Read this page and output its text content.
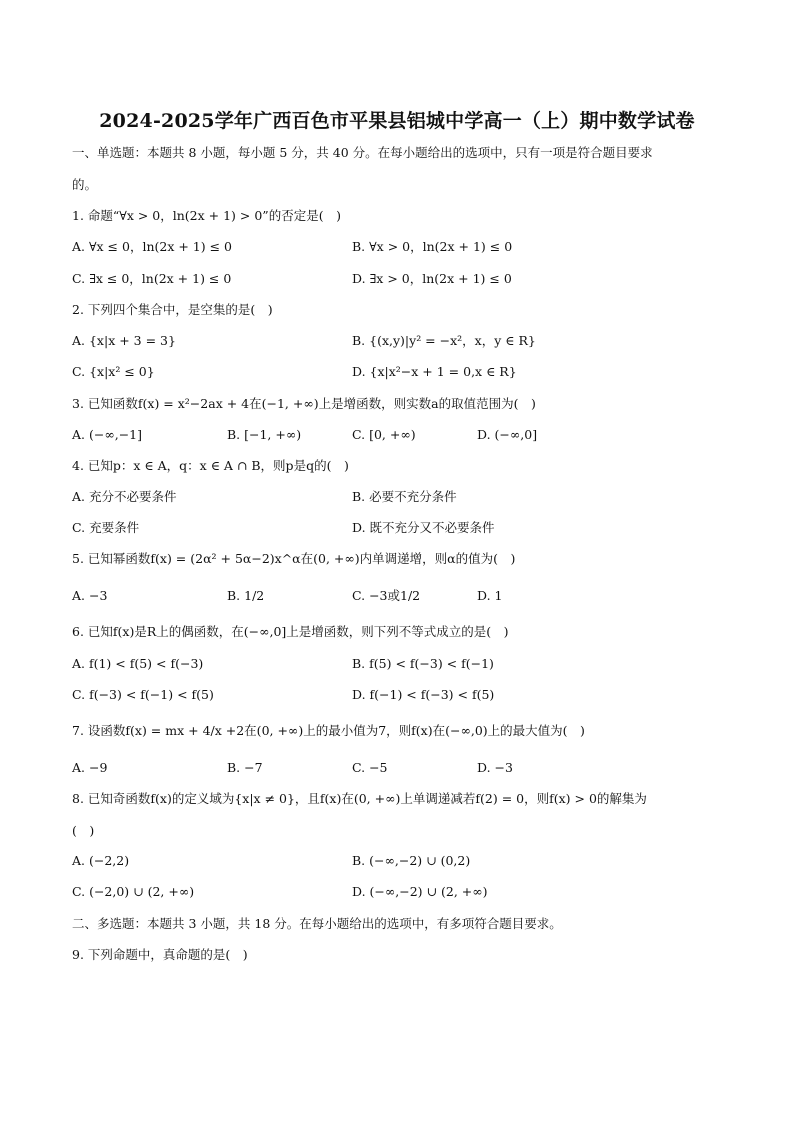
2024-2025学年广西百色市平果县铝城中学高一（上）期中数学试卷
一、单选题：本题共 8 小题，每小题 5 分，共 40 分。在每小题给出的选项中，只有一项是符合题目要求
的。
1. 命题“∀x > 0，ln(2x + 1) > 0”的否定是(　)
A. ∀x ≤ 0，ln(2x + 1) ≤ 0	B. ∀x > 0，ln(2x + 1) ≤ 0
C. ∃x ≤ 0，ln(2x + 1) ≤ 0	D. ∃x > 0，ln(2x + 1) ≤ 0
2. 下列四个集合中，是空集的是(　)
A. {x|x + 3 = 3}	B. {(x,y)|y² = −x²，x，y ∈ R}
C. {x|x² ≤ 0}	D. {x|x²−x + 1 = 0,x ∈ R}
3. 已知函数f(x) = x²−2ax + 4在(−1, +∞)上是增函数，则实数a的取值范围为(　)
A. (−∞,−1]	B. [−1, +∞)	C. [0, +∞)	D. (−∞,0]
4. 已知p：x ∈ A，q：x ∈ A ∩ B，则p是q的(　)
A. 充分不必要条件	B. 必要不充分条件
C. 充要条件	D. 既不充分又不必要条件
5. 已知幂函数f(x) = (2α² + 5α−2)x^α在(0, +∞)内单调递增，则α的值为(　)
A. −3	B. 1/2	C. −3或1/2	D. 1
6. 已知f(x)是R上的偶函数，在(−∞,0]上是增函数，则下列不等式成立的是(　)
A. f(1) < f(5) < f(−3)	B. f(5) < f(−3) < f(−1)
C. f(−3) < f(−1) < f(5)	D. f(−1) < f(−3) < f(5)
7. 设函数f(x) = mx + 4/x +2在(0, +∞)上的最小值为7，则f(x)在(−∞,0)上的最大值为(　)
A. −9	B. −7	C. −5	D. −3
8. 已知奇函数f(x)的定义域为{x|x ≠ 0}，且f(x)在(0, +∞)上单调递减若f(2) = 0，则f(x) > 0的解集为
(　)
A. (−2,2)	B. (−∞,−2) ∪ (0,2)
C. (−2,0) ∪ (2, +∞)	D. (−∞,−2) ∪ (2, +∞)
二、多选题：本题共 3 小题，共 18 分。在每小题给出的选项中，有多项符合题目要求。
9. 下列命题中，真命题的是(　)
